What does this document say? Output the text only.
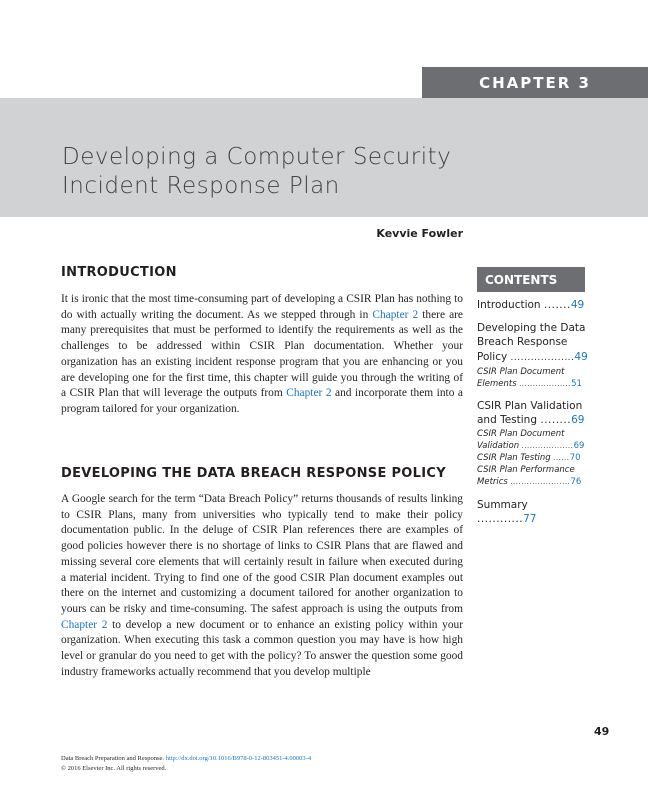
CHAPTER 3
Developing a Computer Security
Incident Response Plan
Kevvie Fowler
INTRODUCTION
It is ironic that the most time-consuming part of developing a CSIR Plan has nothing to do with actually writing the document. As we stepped through in Chapter 2 there are many prerequisites that must be performed to identify the requirements as well as the challenges to be addressed within CSIR Plan documentation. Whether your organization has an existing incident response program that you are enhancing or you are developing one for the first time, this chapter will guide you through the writing of a CSIR Plan that will leverage the outputs from Chapter 2 and incorporate them into a program tailored for your organization.
DEVELOPING THE DATA BREACH RESPONSE POLICY
A Google search for the term “Data Breach Policy” returns thousands of results linking to CSIR Plans, many from universities who typically tend to make their policy documentation public. In the deluge of CSIR Plan references there are examples of good policies however there is no shortage of links to CSIR Plans that are flawed and missing several core elements that will certainly result in failure when executed during a material incident. Trying to find one of the good CSIR Plan document examples out there on the internet and customizing a document tailored for another organization to yours can be risky and time-consuming. The safest approach is using the outputs from Chapter 2 to develop a new document or to enhance an existing policy within your organization. When executing this task a common question you may have is how high level or granular do you need to get with the policy? To answer the question some good industry frameworks actually recommend that you develop multiple
CONTENTS
Introduction .......49
Developing the Data Breach Response Policy ...................49
CSIR Plan Document Elements ...................51
CSIR Plan Validation and Testing ........69
CSIR Plan Document Validation ...................69
CSIR Plan Testing ......70
CSIR Plan Performance Metrics ......................76
Summary ............77
49
Data Breach Preparation and Response. http://dx.doi.org/10.1016/B978-0-12-803451-4.00003-4
© 2016 Elsevier Inc. All rights reserved.
